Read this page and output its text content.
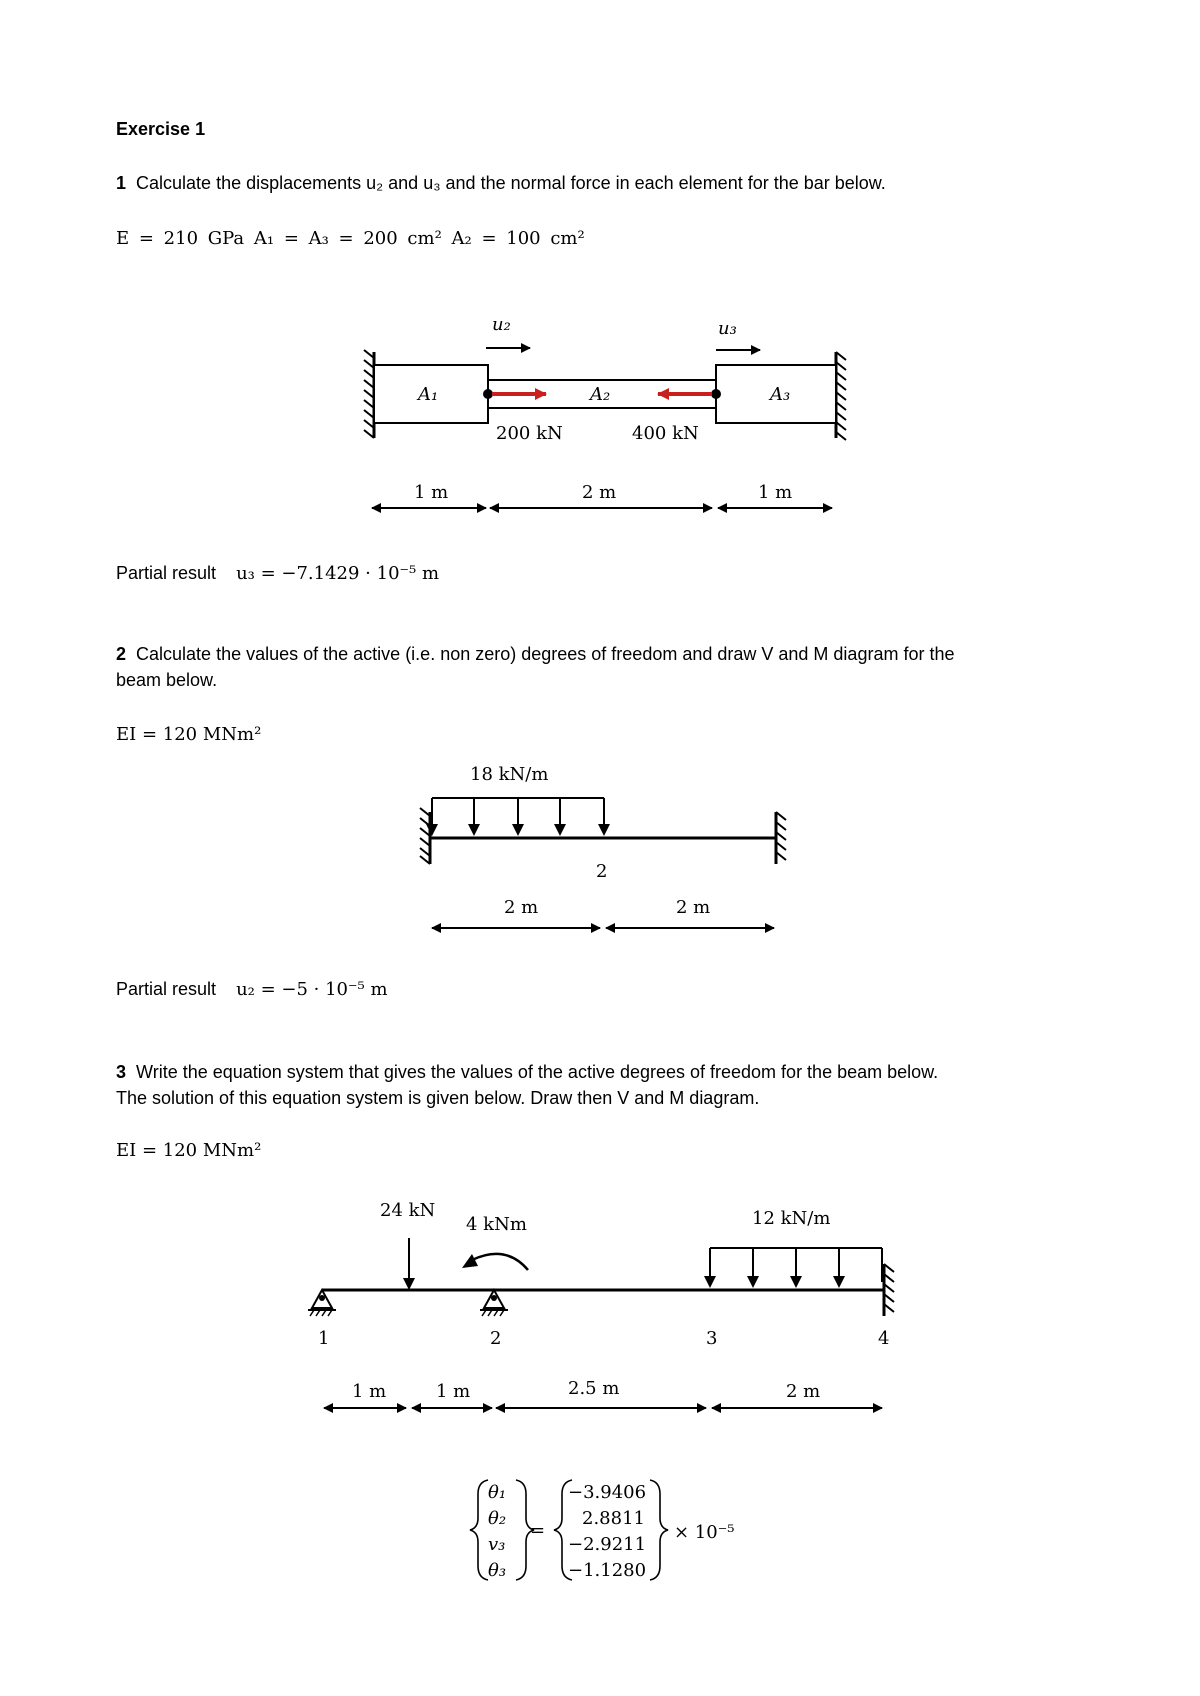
Exercise 1
1 Calculate the displacements u₂ and u₃ and the normal force in each element for the bar below.
E = 210 GPa A₁ = A₃ = 200 cm² A₂ = 100 cm²
u₂	u₃
A₁	A₂	A₃
200 kN	400 kN
1 m	2 m	1 m
Partial result u₃ = −7.1429 · 10⁻⁵ m
2 Calculate the values of the active (i.e. non zero) degrees of freedom and draw V and M diagram for the
beam below.
EI = 120 MNm²
18 kN/m
2
2 m	2 m
Partial result u₂ = −5 · 10⁻⁵ m
3 Write the equation system that gives the values of the active degrees of freedom for the beam below.
The solution of this equation system is given below. Draw then V and M diagram.
EI = 120 MNm²
24 kN
4 kNm	12 kN/m
1	2	3	4
1 m	1 m	2.5 m	2 m
θ₁
θ₂
v₃
θ₃
=
−3.9406
2.8811
−2.9211
−1.1280
× 10⁻⁵
